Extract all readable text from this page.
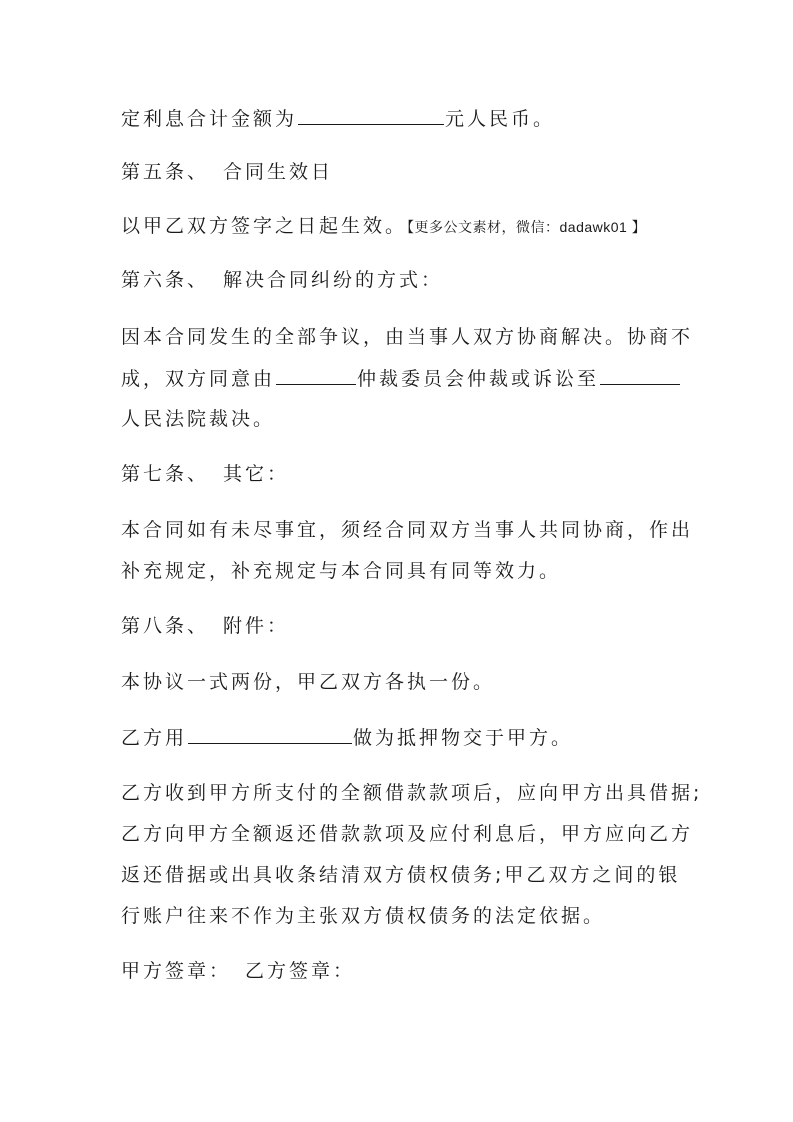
定利息合计金额为	元人民币。
第五条、 合同生效日
以甲乙双方签字之日起生效。【更多公文素材，微信：dadawk01 】
第六条、 解决合同纠纷的方式：
因本合同发生的全部争议，由当事人双方协商解决。协商不
成，双方同意由	仲裁委员会仲裁或诉讼至
人民法院裁决。
第七条、 其它：
本合同如有未尽事宜，须经合同双方当事人共同协商，作出
补充规定，补充规定与本合同具有同等效力。
第八条、 附件：
本协议一式两份，甲乙双方各执一份。
乙方用	做为抵押物交于甲方。
乙方收到甲方所支付的全额借款款项后，应向甲方出具借据;
乙方向甲方全额返还借款款项及应付利息后，甲方应向乙方
返还借据或出具收条结清双方债权债务;甲乙双方之间的银
行账户往来不作为主张双方债权债务的法定依据。
甲方签章： 乙方签章：
